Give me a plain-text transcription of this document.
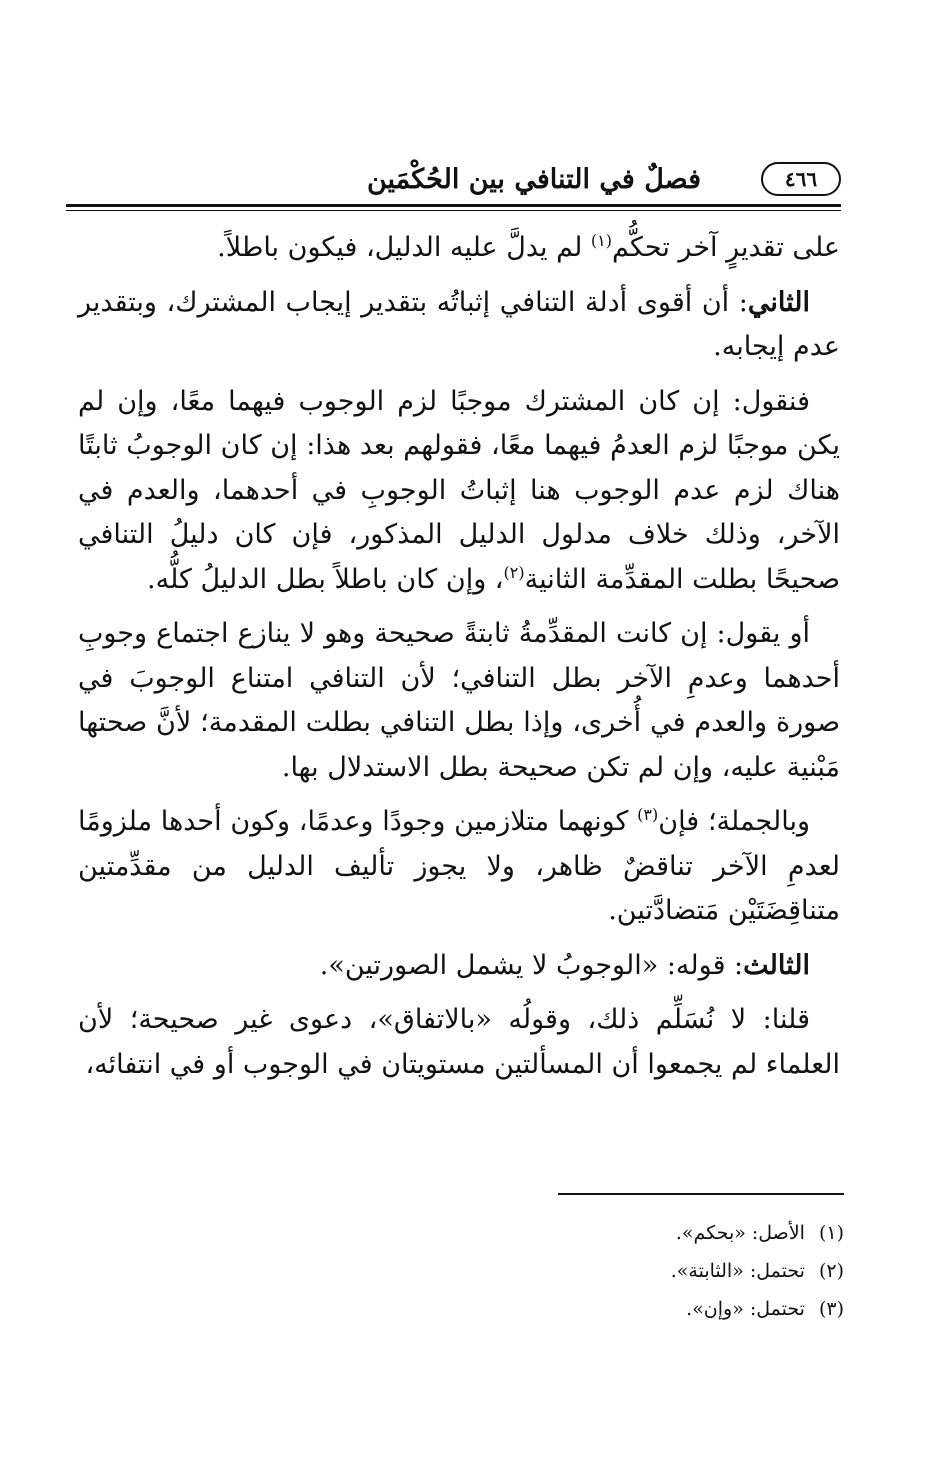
٤٦٦
فصلٌ في التنافي بين الحُكْمَين

على تقديرٍ آخر تحكُّم$^{(١)}$ لم يدلَّ عليه الدليل، فيكون باطلاً.

الثاني: أن أقوى أدلة التنافي إثباتُه بتقدير إيجاب المشترك، وبتقدير عدم إيجابه.

فنقول: إن كان المشترك موجبًا لزم الوجوب فيهما معًا، وإن لم يكن موجبًا لزم العدمُ فيهما معًا، فقولهم بعد هذا: إن كان الوجوبُ ثابتًا هناك لزم عدم الوجوب هنا إثباتُ الوجوبِ في أحدهما، والعدم في الآخر، وذلك خلاف مدلول الدليل المذكور، فإن كان دليلُ التنافي صحيحًا بطلت المقدِّمة الثانية$^{(٢)}$، وإن كان باطلاً بطل الدليلُ كلُّه.

أو يقول: إن كانت المقدِّمةُ ثابتةً صحيحة وهو لا ينازع اجتماع وجوبِ أحدهما وعدمِ الآخر بطل التنافي؛ لأن التنافي امتناع الوجوبَ في صورة والعدم في أُخرى، وإذا بطل التنافي بطلت المقدمة؛ لأنَّ صحتها مَبْنية عليه، وإن لم تكن صحيحة بطل الاستدلال بها.

وبالجملة؛ فإن$^{(٣)}$ كونهما متلازمين وجودًا وعدمًا، وكون أحدها ملزومًا لعدمِ الآخر تناقضٌ ظاهر، ولا يجوز تأليف الدليل من مقدِّمتين متناقِضَتَيْن مَتضادَّتين.

الثالث: قوله: «الوجوبُ لا يشمل الصورتين».

قلنا: لا نُسَلِّم ذلك، وقولُه «بالاتفاق»، دعوى غير صحيحة؛ لأن العلماء لم يجمعوا أن المسألتين مستويتان في الوجوب أو في انتفائه،

(١)الأصل: «بحكم».
(٢)تحتمل: «الثابتة».
(٣)تحتمل: «وإن».
